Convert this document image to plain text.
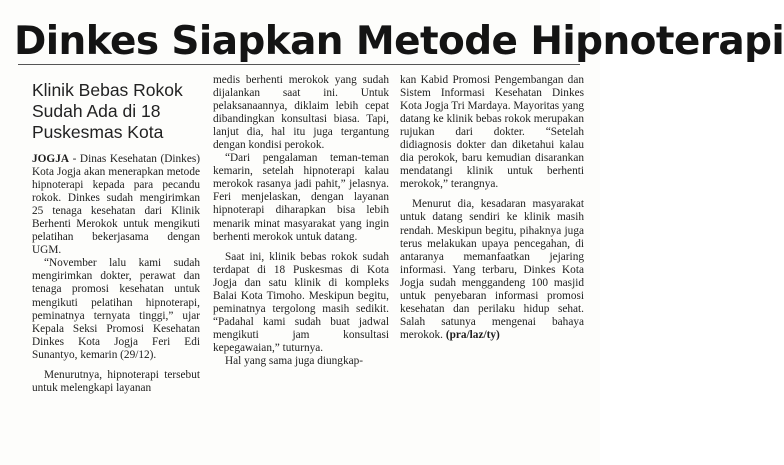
Dinkes Siapkan Metode Hipnoterapi
Klinik Bebas Rokok Sudah Ada di 18 Puskesmas Kota

JOGJA - Dinas Kesehatan (Dinkes) Kota Jogja akan menerapkan metode hipnoterapi kepada para pecandu rokok. Dinkes sudah mengirimkan 25 tenaga kesehatan dari Klinik Berhenti Merokok untuk mengikuti pelatihan bekerjasama dengan UGM.

“November lalu kami sudah mengirimkan dokter, perawat dan tenaga promosi kesehatan untuk mengikuti pelatihan hipnoterapi, peminatnya ternyata tinggi,” ujar Kepala Seksi Promosi Kesehatan Dinkes Kota Jogja Feri Edi Sunantyo, kemarin (29/12).

Menurutnya, hipnoterapi tersebut untuk melengkapi layanan

medis berhenti merokok yang sudah dijalankan saat ini. Untuk pelaksanaannya, diklaim lebih cepat dibandingkan konsultasi biasa. Tapi, lanjut dia, hal itu juga tergantung dengan kondisi perokok.

“Dari pengalaman teman-teman kemarin, setelah hipnoterapi kalau merokok rasanya jadi pahit,” jelasnya. Feri menjelaskan, dengan layanan hipnoterapi diharapkan bisa lebih menarik minat masyarakat yang ingin berhenti merokok untuk datang.

Saat ini, klinik bebas rokok sudah terdapat di 18 Puskesmas di Kota Jogja dan satu klinik di kompleks Balai Kota Timoho. Meskipun begitu, peminatnya tergolong masih sedikit. “Padahal kami sudah buat jadwal mengikuti jam konsultasi kepegawaian,” tuturnya.

Hal yang sama juga diungkap-

kan Kabid Promosi Pengembangan dan Sistem Informasi Kesehatan Dinkes Kota Jogja Tri Mardaya. Mayoritas yang datang ke klinik bebas rokok merupakan rujukan dari dokter. “Setelah didiagnosis dokter dan diketahui kalau dia perokok, baru kemudian disarankan mendatangi klinik untuk berhenti merokok,” terangnya.

Menurut dia, kesadaran masyarakat untuk datang sendiri ke klinik masih rendah. Meskipun begitu, pihaknya juga terus melakukan upaya pencegahan, di antaranya memanfaatkan jejaring informasi. Yang terbaru, Dinkes Kota Jogja sudah menggandeng 100 masjid untuk penyebaran informasi promosi kesehatan dan perilaku hidup sehat. Salah satunya mengenai bahaya merokok. (pra/laz/ty)
